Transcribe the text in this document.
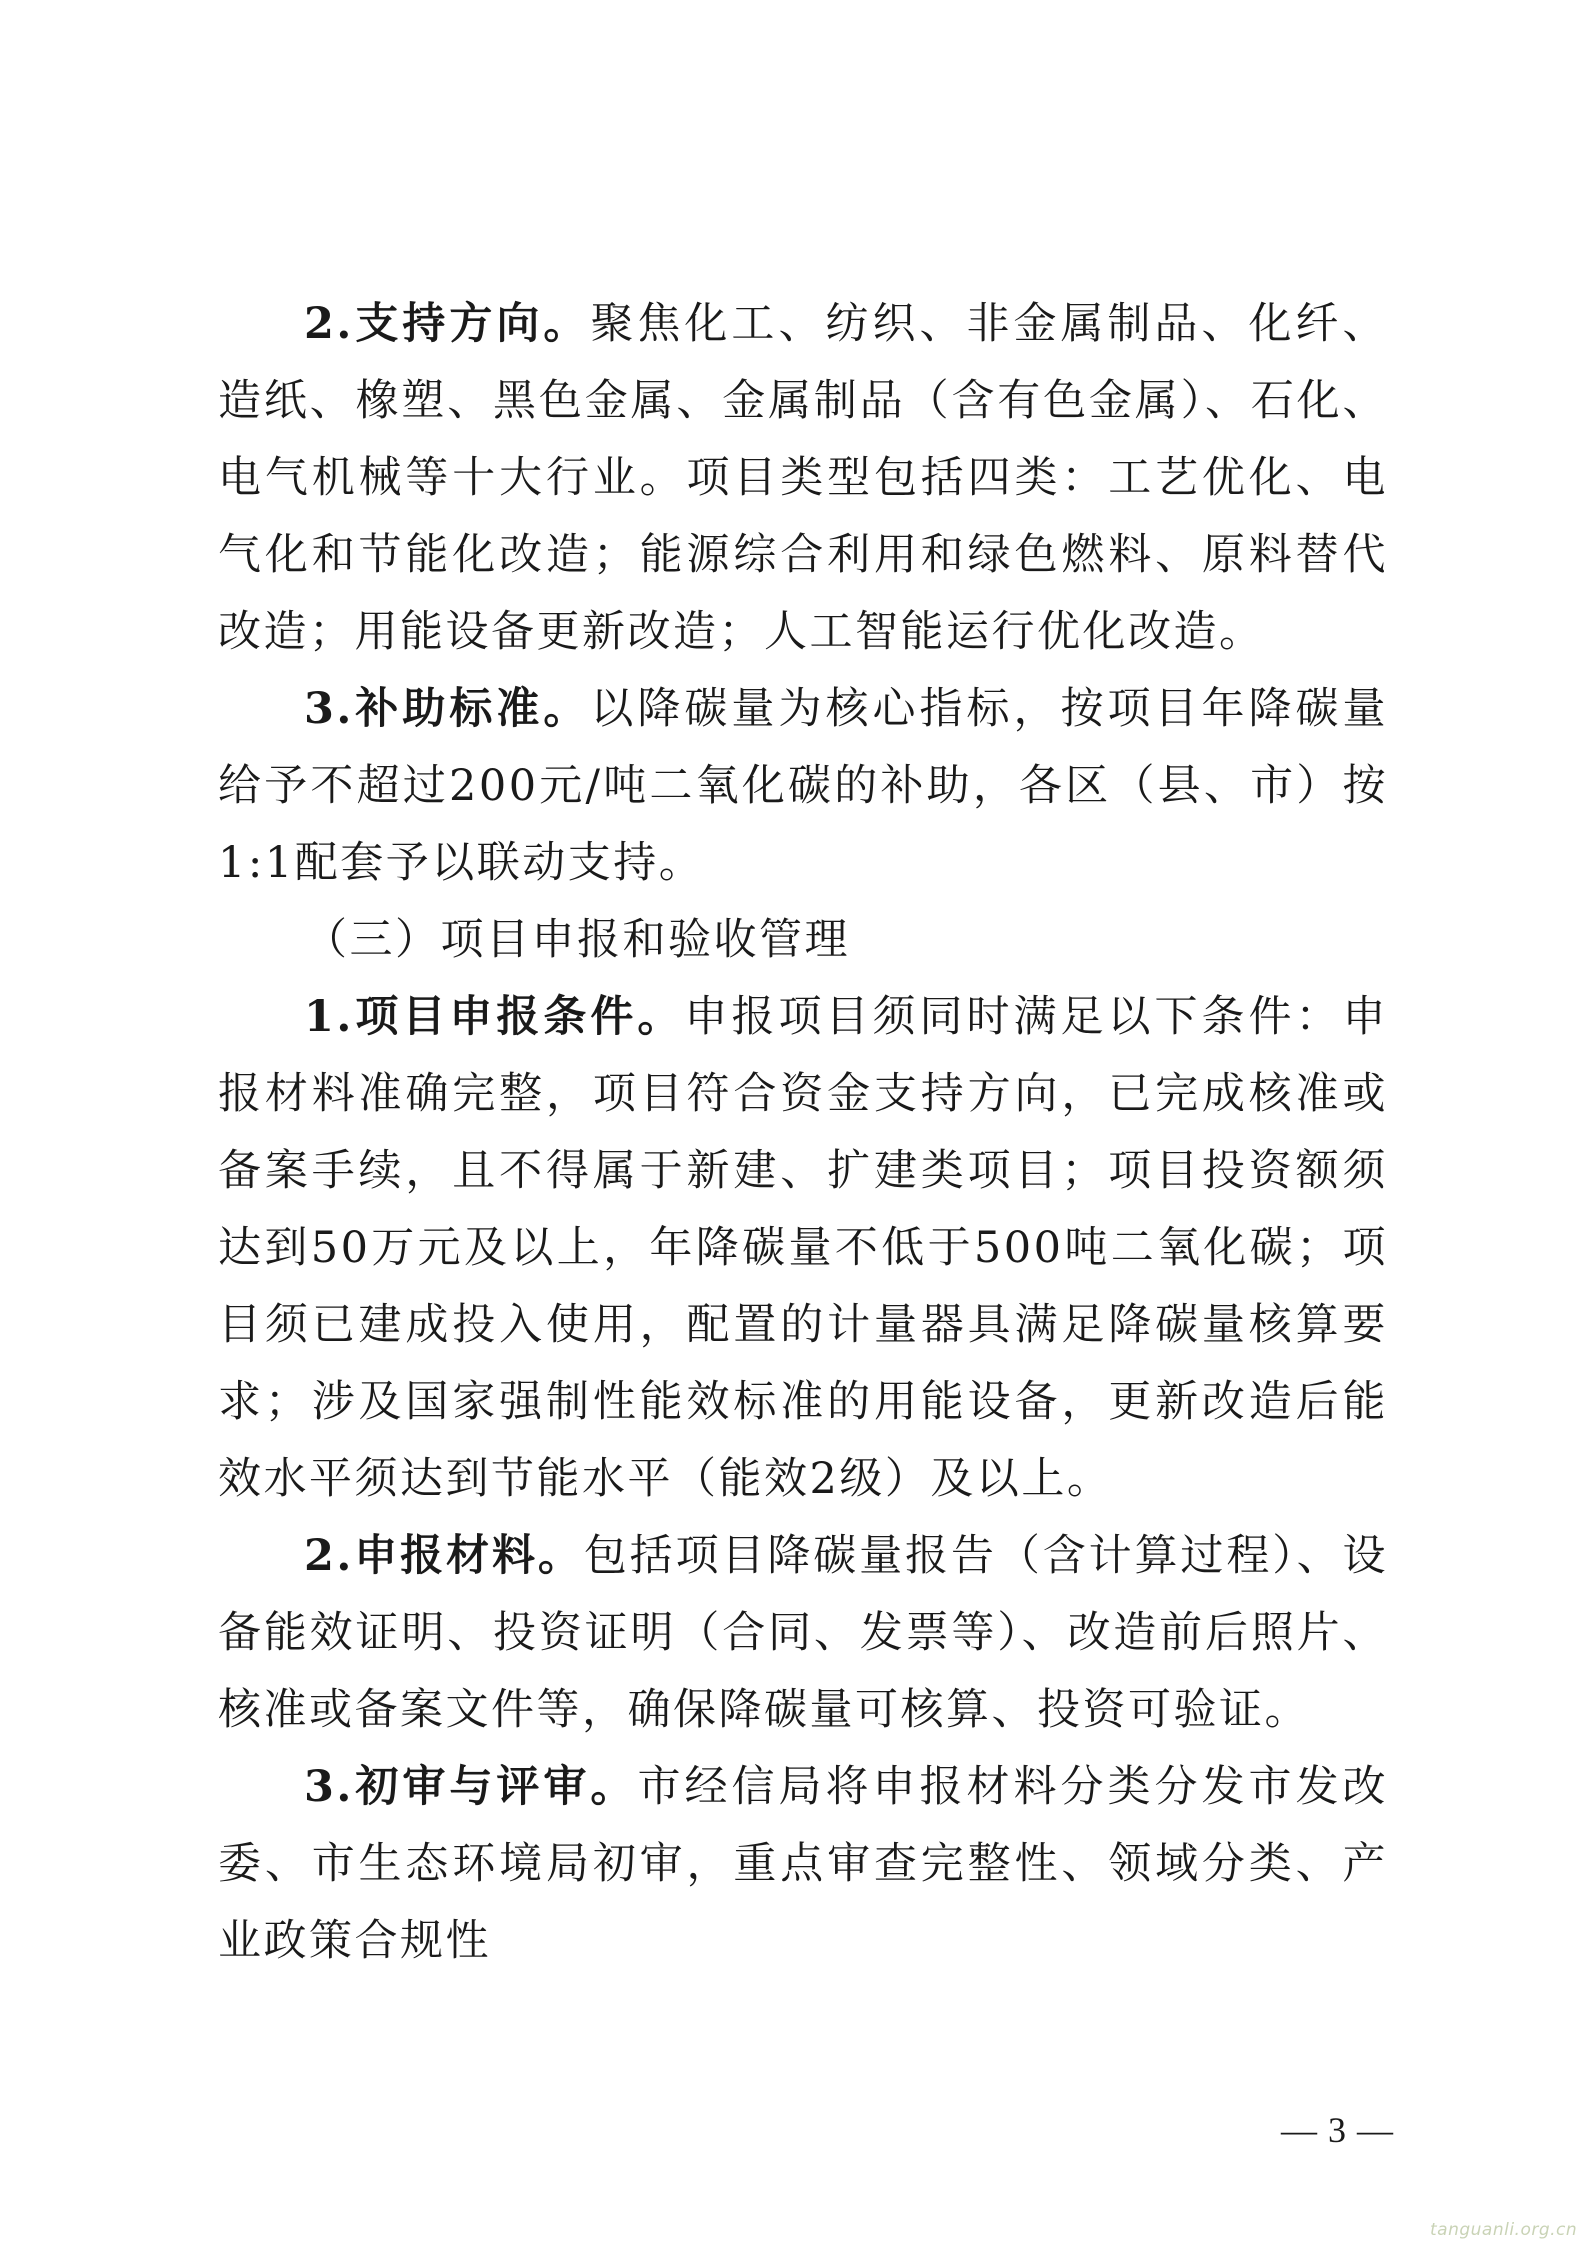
2.支持方向。聚焦化工、纺织、非金属制品、化纤、造纸、橡塑、黑色金属、金属制品（含有色金属）、石化、电气机械等十大行业。项目类型包括四类：工艺优化、电气化和节能化改造；能源综合利用和绿色燃料、原料替代改造；用能设备更新改造；人工智能运行优化改造。

3.补助标准。以降碳量为核心指标，按项目年降碳量给予不超过200元/吨二氧化碳的补助，各区（县、市）按1:1配套予以联动支持。

（三）项目申报和验收管理

1.项目申报条件。申报项目须同时满足以下条件：申报材料准确完整，项目符合资金支持方向，已完成核准或备案手续，且不得属于新建、扩建类项目；项目投资额须达到50万元及以上，年降碳量不低于500吨二氧化碳；项目须已建成投入使用，配置的计量器具满足降碳量核算要求；涉及国家强制性能效标准的用能设备，更新改造后能效水平须达到节能水平（能效2级）及以上。

2.申报材料。包括项目降碳量报告（含计算过程）、设备能效证明、投资证明（合同、发票等）、改造前后照片、核准或备案文件等，确保降碳量可核算、投资可验证。

3.初审与评审。市经信局将申报材料分类分发市发改委、市生态环境局初审，重点审查完整性、领域分类、产业政策合规性

— 3 —
tanguanli.org.cn
